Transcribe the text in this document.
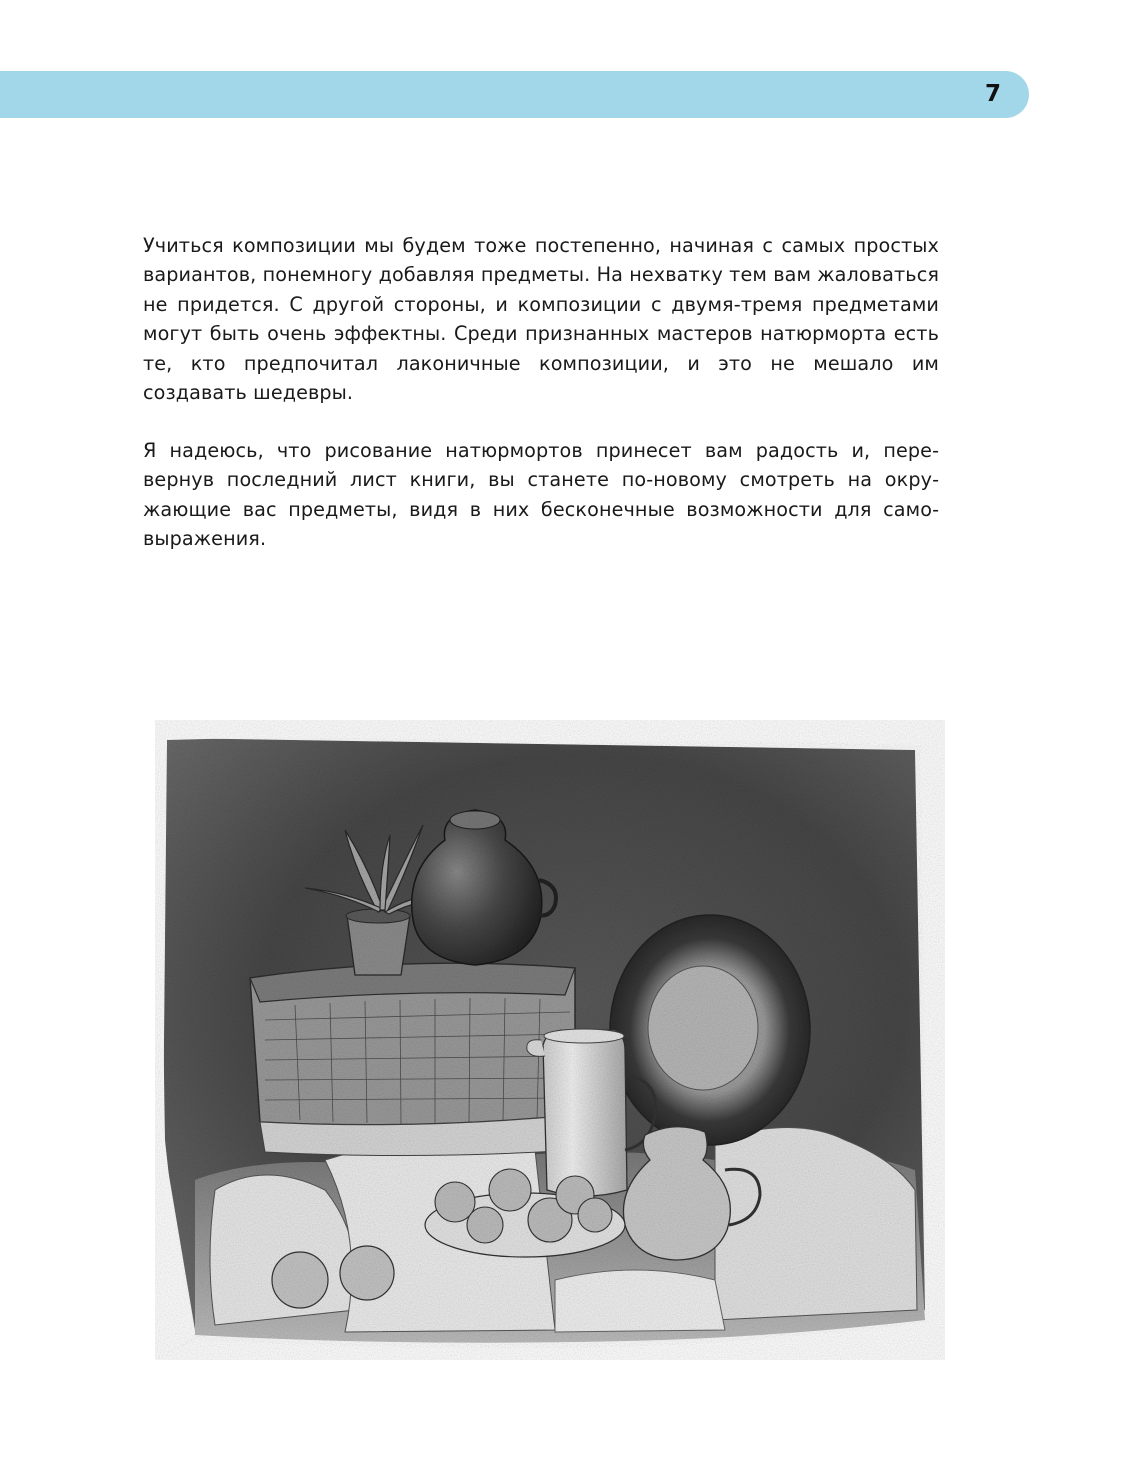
7

Учиться композиции мы будем тоже постепенно, начиная с самых простых вариантов, понемногу добавляя предметы. На нехватку тем вам жаловаться не придется. С другой стороны, и композиции с двумя-тремя предметами могут быть очень эффектны. Среди признанных мастеров натюрморта есть те, кто предпочитал лаконичные композиции, и это не мешало им создавать шедевры.

Я надеюсь, что рисование натюрмортов принесет вам радость и, перевернув последний лист книги, вы станете по-новому смотреть на окружающие вас предметы, видя в них бесконечные возможности для самовыражения.
